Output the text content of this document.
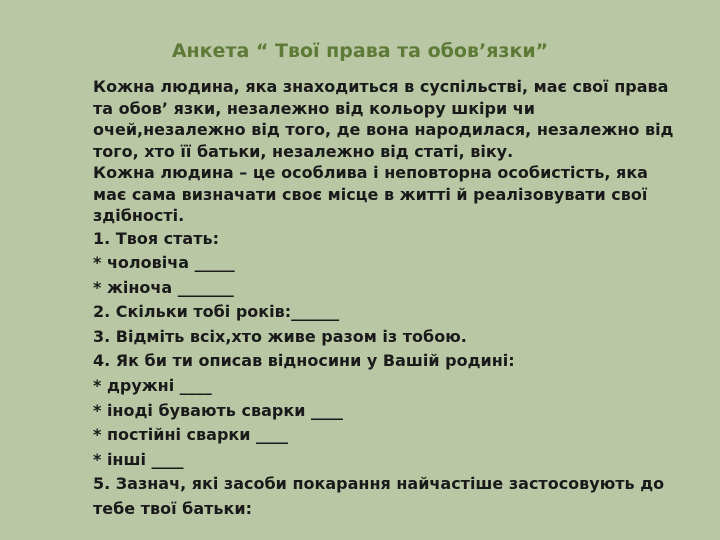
Анкета “ Твої права та обов’язки”
Кожна людина, яка знаходиться в суспільстві, має свої права
та обов’ язки, незалежно від кольору шкіри чи
очей,незалежно від того, де вона народилася, незалежно від
того, хто її батьки, незалежно від статі, віку.
Кожна людина – це особлива і неповторна особистість, яка
має сама визначати своє місце в житті й реалізовувати свої
здібності.
1. Твоя стать:
* чоловіча _____
* жіноча _______
2. Скільки тобі років:______
3. Відміть всіх,хто живе разом із тобою.
4. Як би ти описав відносини у Вашій родині:
* дружні ____
* іноді бувають сварки ____
* постійні сварки ____
* інші ____
5. Зазнач, які засоби покарання найчастіше застосовують до
тебе твої батьки:
